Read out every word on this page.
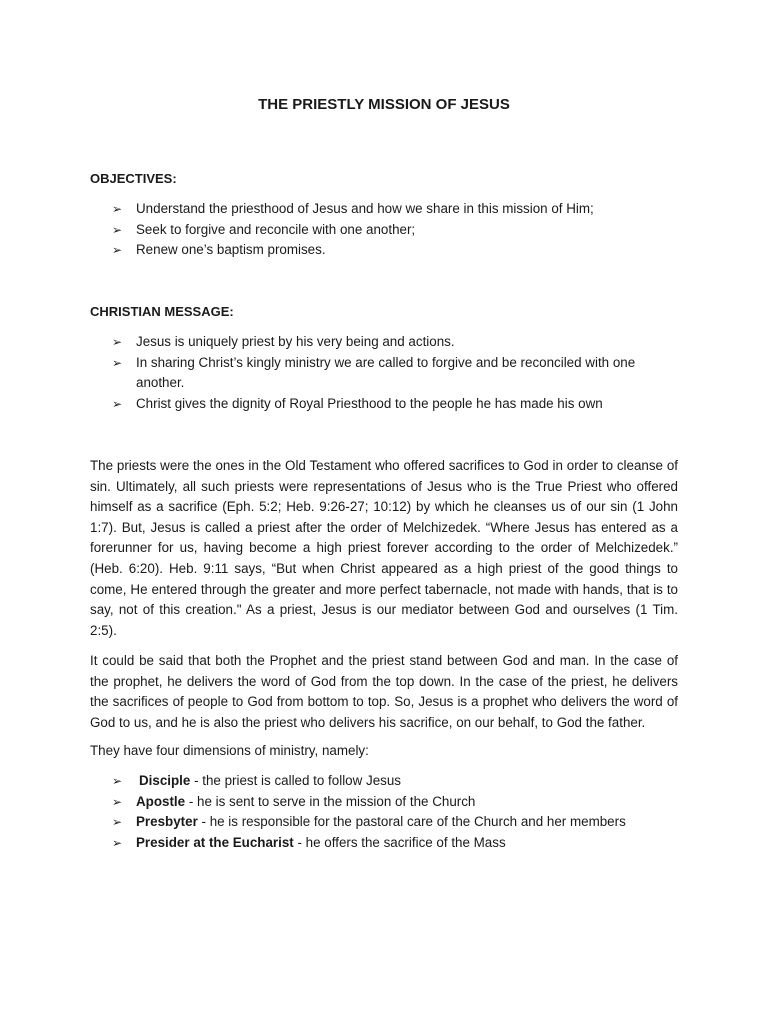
THE PRIESTLY MISSION OF JESUS
OBJECTIVES:
➢ Understand the priesthood of Jesus and how we share in this mission of Him;
➢ Seek to forgive and reconcile with one another;
➢ Renew one’s baptism promises.
CHRISTIAN MESSAGE:
➢ Jesus is uniquely priest by his very being and actions.
➢ In sharing Christ’s kingly ministry we are called to forgive and be reconciled with one another.
➢ Christ gives the dignity of Royal Priesthood to the people he has made his own

The priests were the ones in the Old Testament who offered sacrifices to God in order to cleanse of sin. Ultimately, all such priests were representations of Jesus who is the True Priest who offered himself as a sacrifice (Eph. 5:2; Heb. 9:26-27; 10:12) by which he cleanses us of our sin (1 John 1:7). But, Jesus is called a priest after the order of Melchizedek. “Where Jesus has entered as a forerunner for us, having become a high priest forever according to the order of Melchizedek.” (Heb. 6:20). Heb. 9:11 says, “But when Christ appeared as a high priest of the good things to come, He entered through the greater and more perfect tabernacle, not made with hands, that is to say, not of this creation." As a priest, Jesus is our mediator between God and ourselves (1 Tim. 2:5).

It could be said that both the Prophet and the priest stand between God and man. In the case of the prophet, he delivers the word of God from the top down. In the case of the priest, he delivers the sacrifices of people to God from bottom to top. So, Jesus is a prophet who delivers the word of God to us, and he is also the priest who delivers his sacrifice, on our behalf, to God the father.

They have four dimensions of ministry, namely:

➢ Disciple - the priest is called to follow Jesus
➢ Apostle - he is sent to serve in the mission of the Church
➢ Presbyter - he is responsible for the pastoral care of the Church and her members
➢ Presider at the Eucharist - he offers the sacrifice of the Mass
